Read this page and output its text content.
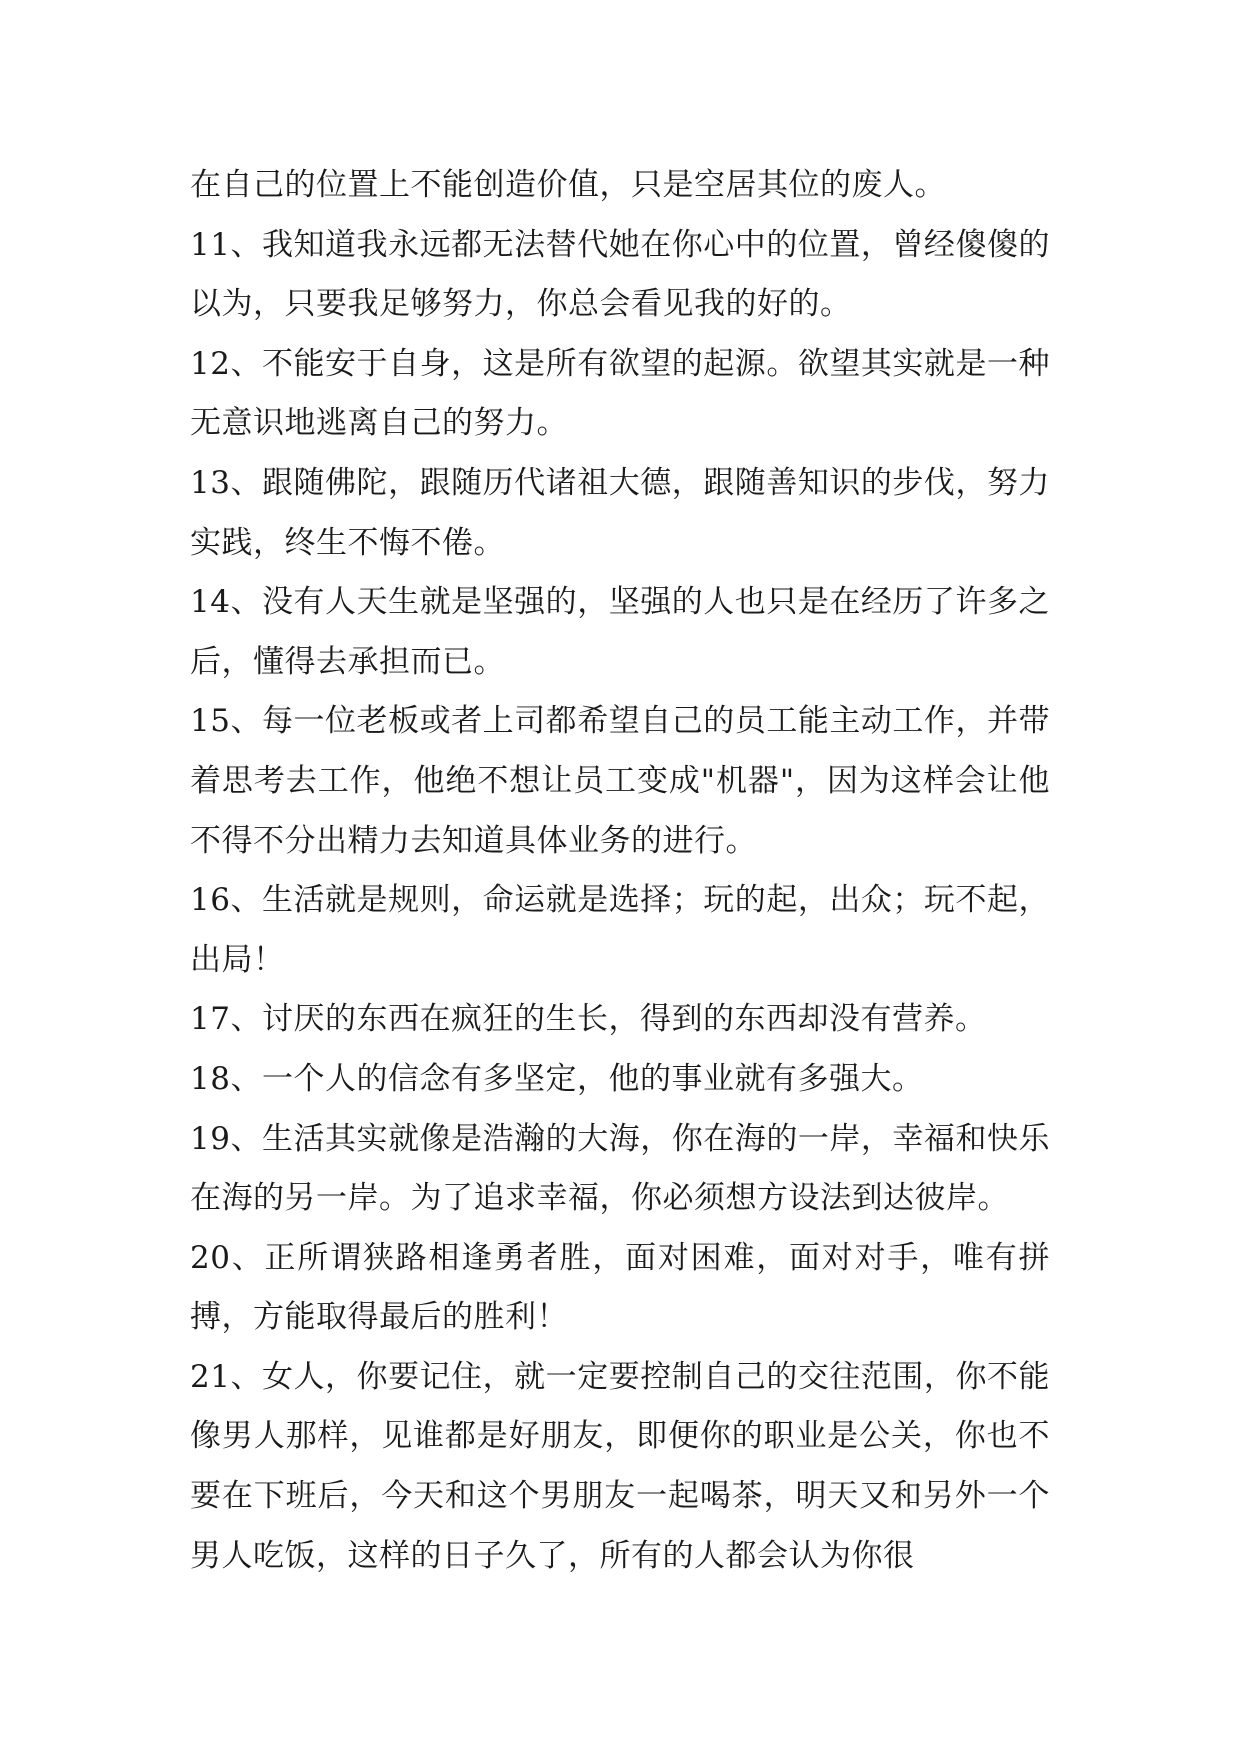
在自己的位置上不能创造价值，只是空居其位的废人。

11、我知道我永远都无法替代她在你心中的位置，曾经傻傻的以为，只要我足够努力，你总会看见我的好的。

12、不能安于自身，这是所有欲望的起源。欲望其实就是一种无意识地逃离自己的努力。

13、跟随佛陀，跟随历代诸祖大德，跟随善知识的步伐，努力实践，终生不悔不倦。

14、没有人天生就是坚强的，坚强的人也只是在经历了许多之后，懂得去承担而已。

15、每一位老板或者上司都希望自己的员工能主动工作，并带着思考去工作，他绝不想让员工变成"机器"，因为这样会让他不得不分出精力去知道具体业务的进行。

16、生活就是规则，命运就是选择；玩的起，出众；玩不起，出局！

17、讨厌的东西在疯狂的生长，得到的东西却没有营养。

18、一个人的信念有多坚定，他的事业就有多强大。

19、生活其实就像是浩瀚的大海，你在海的一岸，幸福和快乐在海的另一岸。为了追求幸福，你必须想方设法到达彼岸。

20、正所谓狭路相逢勇者胜，面对困难，面对对手，唯有拼搏，方能取得最后的胜利！

21、女人，你要记住，就一定要控制自己的交往范围，你不能像男人那样，见谁都是好朋友，即便你的职业是公关，你也不要在下班后，今天和这个男朋友一起喝茶，明天又和另外一个男人吃饭，这样的日子久了，所有的人都会认为你很
